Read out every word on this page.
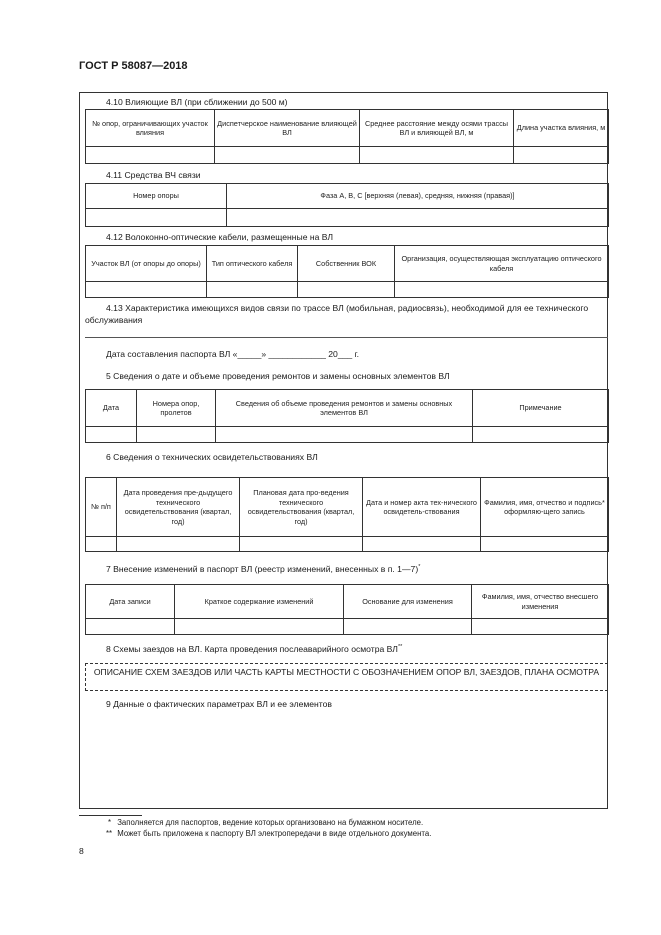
ГОСТ Р 58087—2018
4.10 Влияющие ВЛ (при сближении до 500 м)
№ опор, ограничивающих участок влияния	Диспетчерское наименование влияющей ВЛ	Среднее расстояние между осями трассы ВЛ и влияющей ВЛ, м	Длина участка влияния, м

4.11 Средства ВЧ связи
Номер опоры	Фаза А, В, С [верхняя (левая), средняя, нижняя (правая)]

4.12 Волоконно-оптические кабели, размещенные на ВЛ
Участок ВЛ (от опоры до опоры)	Тип оптического кабеля	Собственник ВОК	Организация, осуществляющая эксплуатацию оптического кабеля

4.13 Характеристика имеющихся видов связи по трассе ВЛ (мобильная, радиосвязь), необходимой для ее технического обслуживания
Дата составления паспорта ВЛ «_____» ____________ 20___ г.
5 Сведения о дате и объеме проведения ремонтов и замены основных элементов ВЛ
Дата	Номера опор, пролетов	Сведения об объеме проведения ремонтов и замены основных элементов ВЛ	Примечание

6 Сведения о технических освидетельствованиях ВЛ
№ п/п	Дата проведения пре-дыдущего технического освидетельствования (квартал, год)	Плановая дата про-ведения технического освидетельствования (квартал, год)	Дата и номер акта тех-нического освидетель-ствования	Фамилия, имя, отчество и подпись* оформляю-щего запись

7 Внесение изменений в паспорт ВЛ (реестр изменений, внесенных в п. 1—7)*
Дата записи	Краткое содержание изменений	Основание для изменения	Фамилия, имя, отчество внесшего изменения

8 Схемы заездов на ВЛ. Карта проведения послеаварийного осмотра ВЛ**
ОПИСАНИЕ СХЕМ ЗАЕЗДОВ ИЛИ ЧАСТЬ КАРТЫ МЕСТНОСТИ С ОБОЗНАЧЕНИЕМ ОПОР ВЛ, ЗАЕЗДОВ, ПЛАНА ОСМОТРА
9 Данные о фактических параметрах ВЛ и ее элементов
* Заполняется для паспортов, ведение которых организовано на бумажном носителе.
** Может быть приложена к паспорту ВЛ электропередачи в виде отдельного документа.
8
